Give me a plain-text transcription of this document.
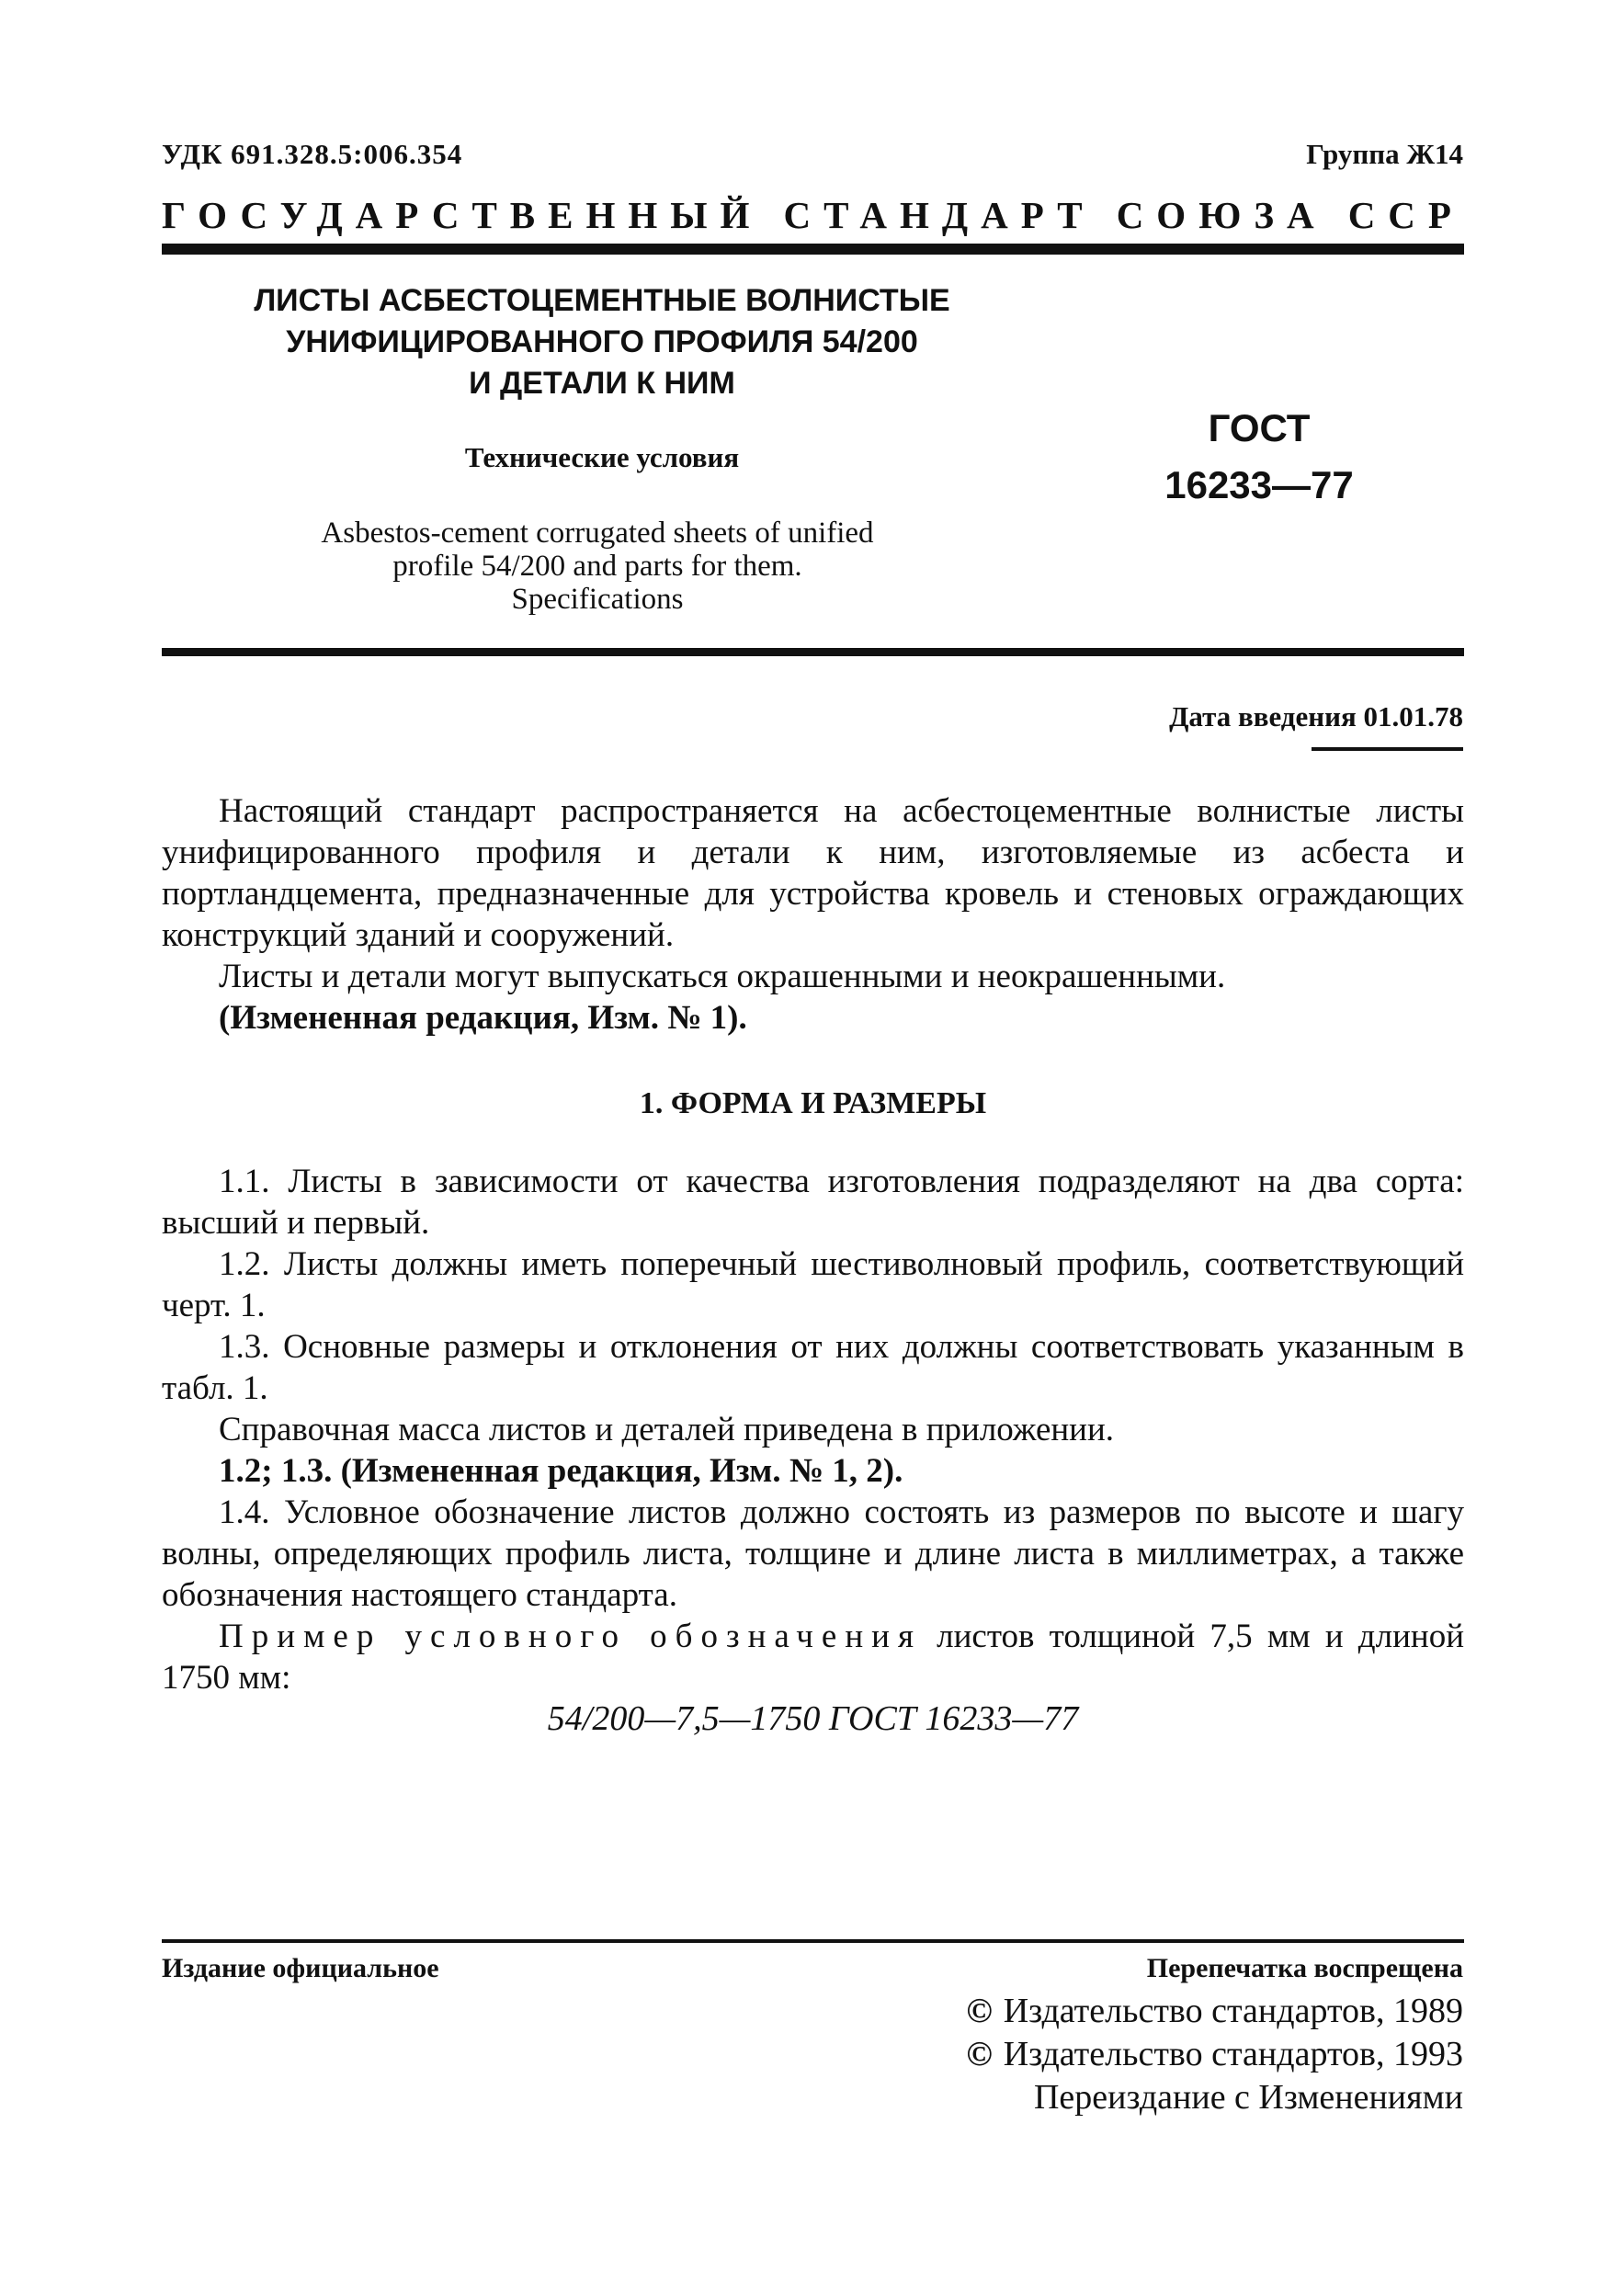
УДК 691.328.5:006.354	Группа Ж14
ГОСУДАРСТВЕННЫЙ СТАНДАРТ СОЮЗА ССР
ЛИСТЫ АСБЕСТОЦЕМЕНТНЫЕ ВОЛНИСТЫЕ
УНИФИЦИРОВАННОГО ПРОФИЛЯ 54/200
И ДЕТАЛИ К НИМ
Технические условия
Asbestos-cement corrugated sheets of unified
profile 54/200 and parts for them.
Specifications
ГОСТ
16233—77
Дата введения 01.01.78

Настоящий стандарт распространяется на асбестоцементные волнистые листы унифицированного профиля и детали к ним, изготовляемые из асбеста и портландцемента, предназначенные для устройства кровель и стеновых ограждающих конструкций зданий и сооружений.

Листы и детали могут выпускаться окрашенными и неокрашенными.

(Измененная редакция, Изм. № 1).

1. ФОРМА И РАЗМЕРЫ

1.1. Листы в зависимости от качества изготовления подразделяют на два сорта: высший и первый.

1.2. Листы должны иметь поперечный шестиволновый профиль, соответствующий черт. 1.

1.3. Основные размеры и отклонения от них должны соответствовать указанным в табл. 1.

Справочная масса листов и деталей приведена в приложении.

1.2; 1.3. (Измененная редакция, Изм. № 1, 2).

1.4. Условное обозначение листов должно состоять из размеров по высоте и шагу волны, определяющих профиль листа, толщине и длине листа в миллиметрах, а также обозначения настоящего стандарта.

Пример условного обозначения листов толщиной 7,5 мм и длиной 1750 мм:

54/200—7,5—1750 ГОСТ 16233—77

Издание официальное	Перепечатка воспрещена
© Издательство стандартов, 1989
© Издательство стандартов, 1993
Переиздание с Изменениями
